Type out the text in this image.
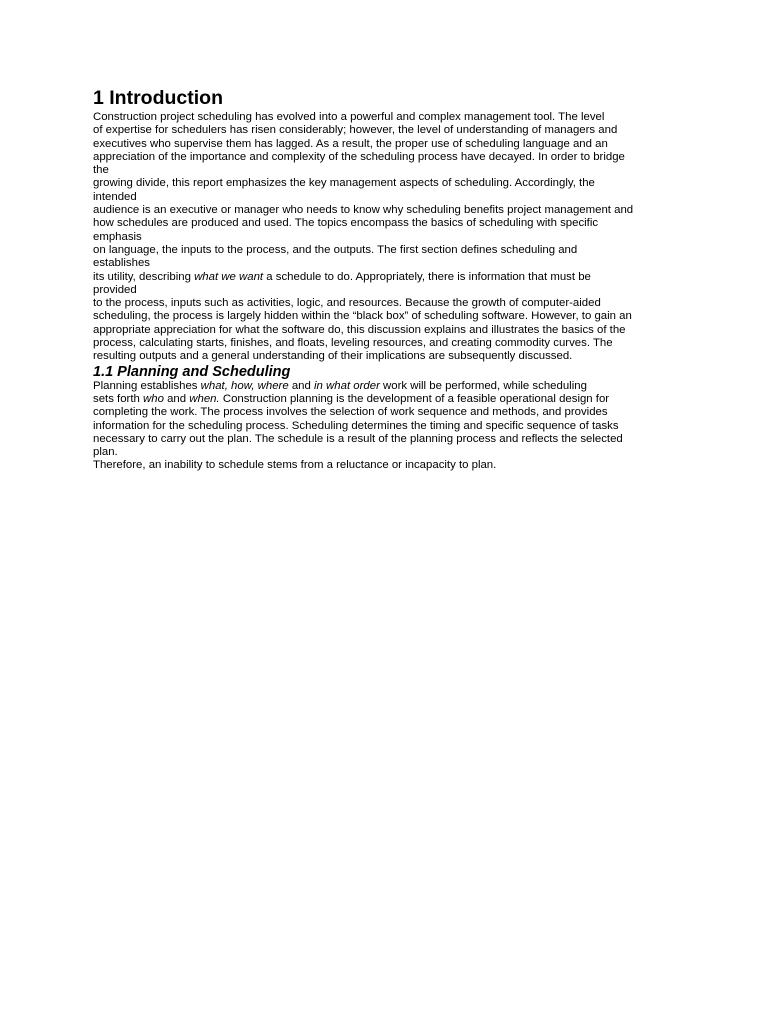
1 Introduction
Construction project scheduling has evolved into a powerful and complex management tool. The level
of expertise for schedulers has risen considerably; however, the level of understanding of managers and
executives who supervise them has lagged. As a result, the proper use of scheduling language and an
appreciation of the importance and complexity of the scheduling process have decayed. In order to bridge
the
growing divide, this report emphasizes the key management aspects of scheduling. Accordingly, the
intended
audience is an executive or manager who needs to know why scheduling benefits project management and
how schedules are produced and used. The topics encompass the basics of scheduling with specific
emphasis
on language, the inputs to the process, and the outputs. The first section defines scheduling and
establishes
its utility, describing what we want a schedule to do. Appropriately, there is information that must be
provided
to the process, inputs such as activities, logic, and resources. Because the growth of computer-aided
scheduling, the process is largely hidden within the “black box” of scheduling software. However, to gain an
appropriate appreciation for what the software do, this discussion explains and illustrates the basics of the
process, calculating starts, finishes, and floats, leveling resources, and creating commodity curves. The
resulting outputs and a general understanding of their implications are subsequently discussed.
1.1 Planning and Scheduling
Planning establishes what, how, where and in what order work will be performed, while scheduling
sets forth who and when. Construction planning is the development of a feasible operational design for
completing the work. The process involves the selection of work sequence and methods, and provides
information for the scheduling process. Scheduling determines the timing and specific sequence of tasks
necessary to carry out the plan. The schedule is a result of the planning process and reflects the selected
plan.
Therefore, an inability to schedule stems from a reluctance or incapacity to plan.
